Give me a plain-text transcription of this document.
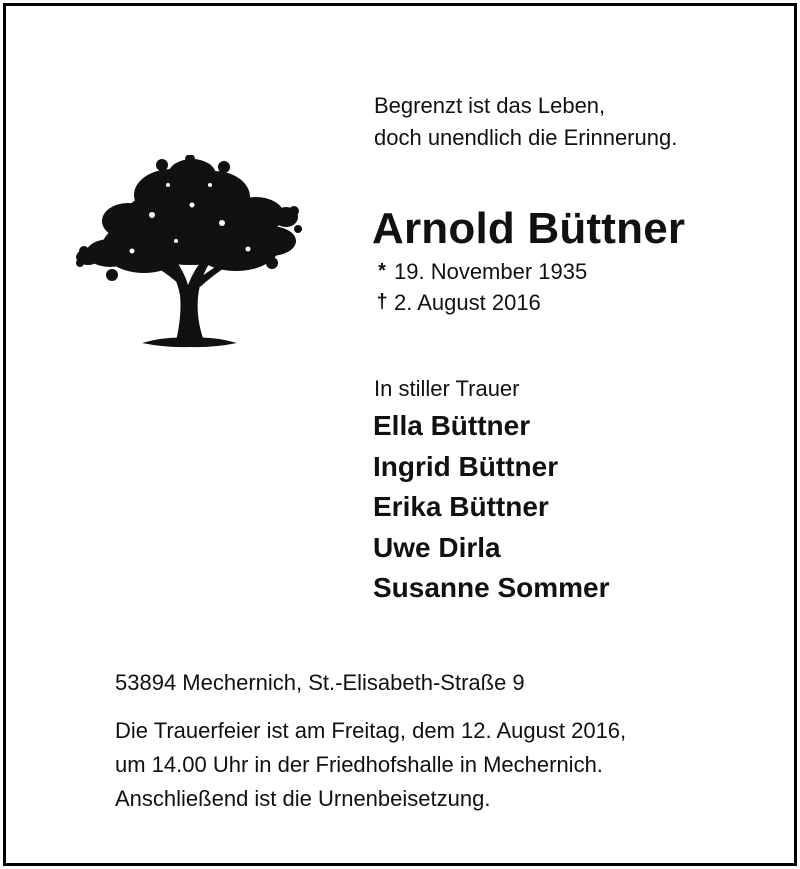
Begrenzt ist das Leben,
doch unendlich die Erinnerung.
Arnold Büttner
* 19. November 1935
† 2. August 2016
In stiller Trauer
Ella Büttner
Ingrid Büttner
Erika Büttner
Uwe Dirla
Susanne Sommer
53894 Mechernich, St.-Elisabeth-Straße 9
Die Trauerfeier ist am Freitag, dem 12. August 2016,
um 14.00 Uhr in der Friedhofshalle in Mechernich.
Anschließend ist die Urnenbeisetzung.
